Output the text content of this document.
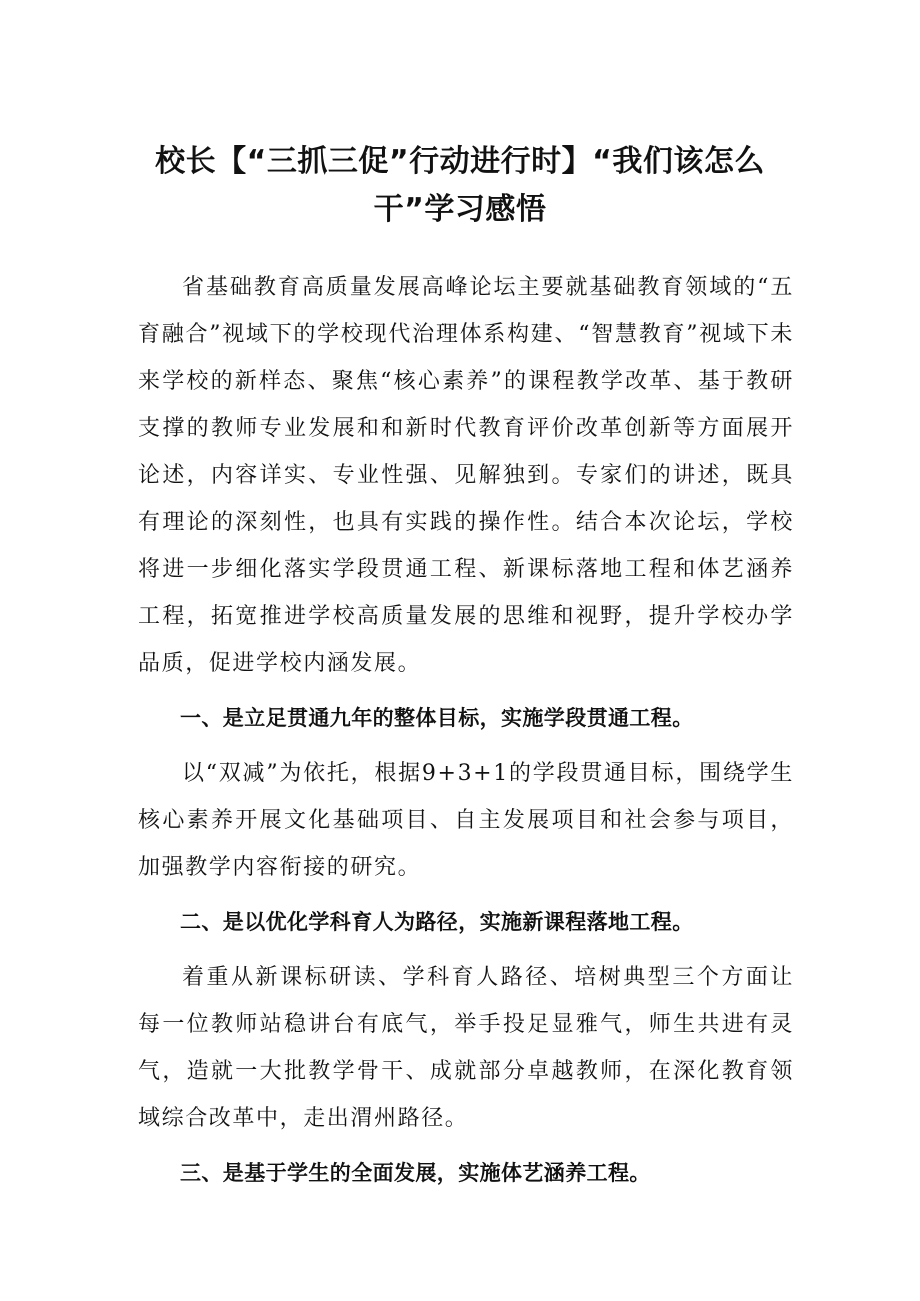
校长【“三抓三促”行动进行时】“我们该怎么干”学习感悟

省基础教育高质量发展高峰论坛主要就基础教育领域的“五育融合”视域下的学校现代治理体系构建、“智慧教育”视域下未来学校的新样态、聚焦“核心素养”的课程教学改革、基于教研支撑的教师专业发展和和新时代教育评价改革创新等方面展开论述，内容详实、专业性强、见解独到。专家们的讲述，既具有理论的深刻性，也具有实践的操作性。结合本次论坛，学校将进一步细化落实学段贯通工程、新课标落地工程和体艺涵养工程，拓宽推进学校高质量发展的思维和视野，提升学校办学品质，促进学校内涵发展。

一、是立足贯通九年的整体目标，实施学段贯通工程。

以“双减”为依托，根据9+3+1的学段贯通目标，围绕学生核心素养开展文化基础项目、自主发展项目和社会参与项目，加强教学内容衔接的研究。

二、是以优化学科育人为路径，实施新课程落地工程。

着重从新课标研读、学科育人路径、培树典型三个方面让每一位教师站稳讲台有底气，举手投足显雅气，师生共进有灵气，造就一大批教学骨干、成就部分卓越教师，在深化教育领域综合改革中，走出渭州路径。

三、是基于学生的全面发展，实施体艺涵养工程。
